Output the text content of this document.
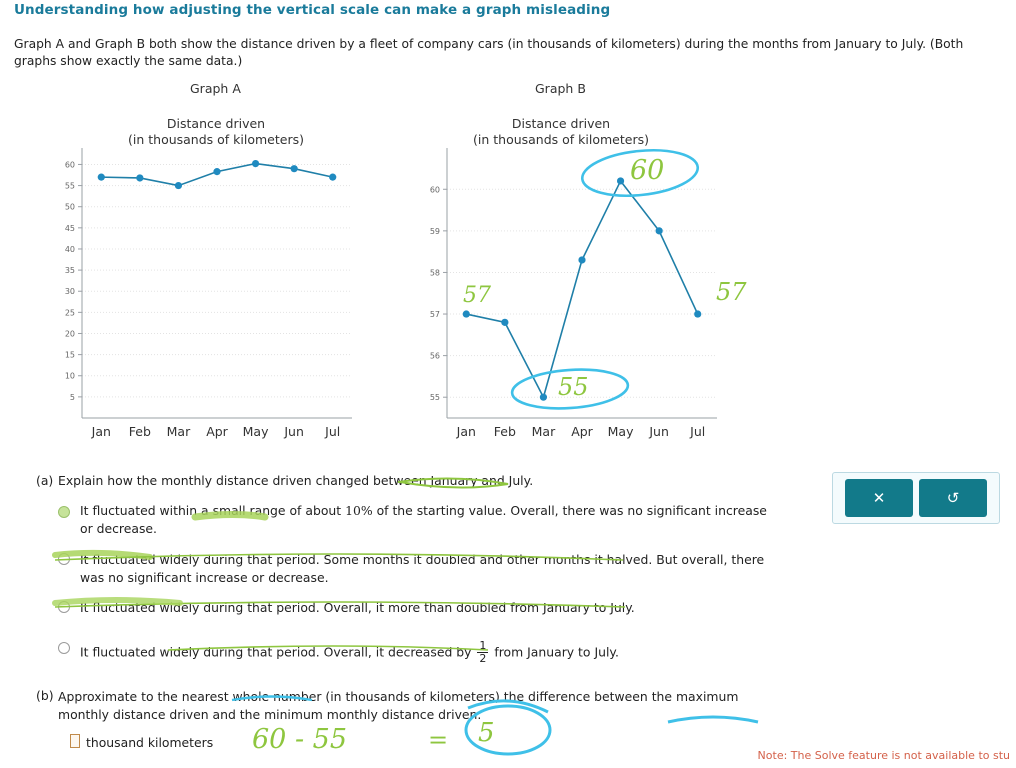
Understanding how adjusting the vertical scale can make a graph misleading
Graph A and Graph B both show the distance driven by a fleet of company cars (in thousands of kilometers) during the months from January to July. (Both graphs show exactly the same data.)
Graph A
Distance driven
(in thousands of kilometers)
Graph B
Distance driven
(in thousands of kilometers)
5
10
15
20
25
30
35
40
45
50
55
60
Jan Feb Mar Apr May Jun Jul
55
56
57
58
59
60
Jan Feb Mar Apr May Jun Jul
60
57	57
55
(a) Explain how the monthly distance driven changed between January and July.
It fluctuated within a small range of about 10% of the starting value. Overall, there was no significant increase or decrease.
It fluctuated widely during that period. Some months it doubled and other months it halved. But overall, there was no significant increase or decrease.
It fluctuated widely during that period. Overall, it more than doubled from January to July.
It fluctuated widely during that period. Overall, it decreased by $\frac{1}{2}$ from January to July.
(b) Approximate to the nearest whole number (in thousands of kilometers) the difference between the maximum monthly distance driven and the minimum monthly distance driven.
thousand kilometers 60 - 55	= 5
✕	↺
Note: The Solve feature is not available to stu
